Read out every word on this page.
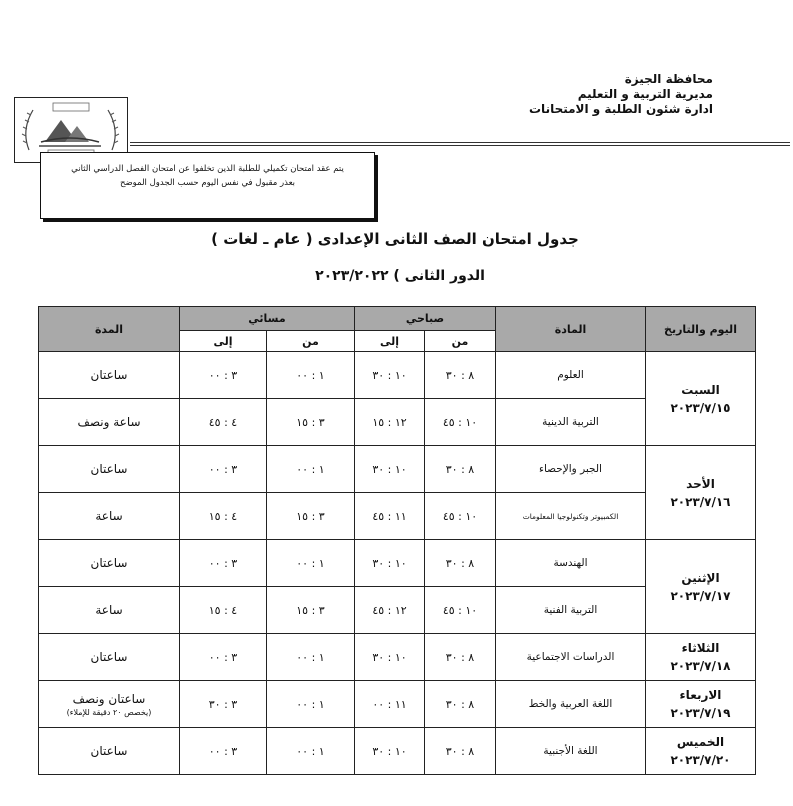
محافظة الجيزة
مديرية التربية و التعليم
ادارة شئون الطلبة و الامتحانات
يتم عقد امتحان تكميلي للطلبة الذين تخلفوا عن امتحان الفصل الدراسي الثاني
بعذر مقبول في نفس اليوم حسب الجدول الموضح
جدول امتحان الصف الثانى الإعدادى ( عام ـ لغات )
الدور الثانى ) ٢٠٢٣/٢٠٢٢
اليوم والتاريخ	المادة	صباحي		مسائي		المدة
		من	إلى	من	إلى	

السبت
٢٠٢٣/٧/١٥	العلوم	٨ : ٣٠	١٠ : ٣٠	١ : ٠٠	٣ : ٠٠	ساعتان
	التربية الدينية	١٠ : ٤٥	١٢ : ١٥	٣ : ١٥	٤ : ٤٥	ساعة ونصف

الأحد
٢٠٢٣/٧/١٦	الجبر والإحصاء	٨ : ٣٠	١٠ : ٣٠	١ : ٠٠	٣ : ٠٠	ساعتان
	الكمبيوتر وتكنولوجيا المعلومات	١٠ : ٤٥	١١ : ٤٥	٣ : ١٥	٤ : ١٥	ساعة

الإثنين
٢٠٢٣/٧/١٧	الهندسة	٨ : ٣٠	١٠ : ٣٠	١ : ٠٠	٣ : ٠٠	ساعتان
	التربية الفنية	١٠ : ٤٥	١٢ : ٤٥	٣ : ١٥	٤ : ١٥	ساعة

الثلاثاء
٢٠٢٣/٧/١٨	الدراسات الاجتماعية	٨ : ٣٠	١٠ : ٣٠	١ : ٠٠	٣ : ٠٠	ساعتان

الاربعاء
٢٠٢٣/٧/١٩	اللغة العربية والخط	٨ : ٣٠	١١ : ٠٠	١ : ٠٠	٣ : ٣٠	ساعتان ونصف
(يخصص ٢٠ دقيقة للإملاء)

الخميس
٢٠٢٣/٧/٢٠	اللغة الأجنبية	٨ : ٣٠	١٠ : ٣٠	١ : ٠٠	٣ : ٠٠	ساعتان
